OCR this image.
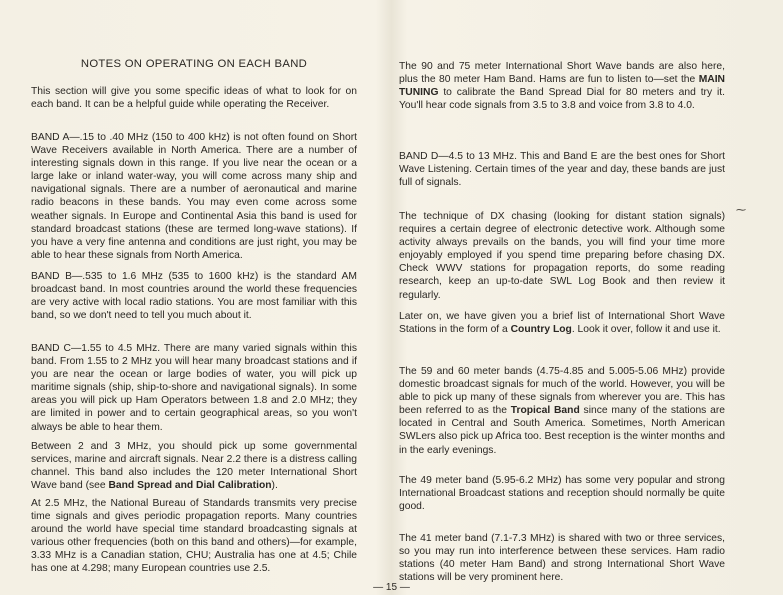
NOTES ON OPERATING ON EACH BAND

This section will give you some specific ideas of what to look for on each band. It can be a helpful guide while operating the Receiver.

BAND A—.15 to .40 MHz (150 to 400 kHz) is not often found on Short Wave Receivers available in North America. There are a number of interesting signals down in this range. If you live near the ocean or a large lake or inland water-way, you will come across many ship and navigational signals. There are a number of aeronautical and marine radio beacons in these bands. You may even come across some weather signals. In Europe and Continental Asia this band is used for standard broadcast stations (these are termed long-wave stations). If you have a very fine antenna and conditions are just right, you may be able to hear these signals from North America.

BAND B—.535 to 1.6 MHz (535 to 1600 kHz) is the standard AM broadcast band. In most countries around the world these frequencies are very active with local radio stations. You are most familiar with this band, so we don't need to tell you much about it.

BAND C—1.55 to 4.5 MHz. There are many varied signals within this band. From 1.55 to 2 MHz you will hear many broadcast stations and if you are near the ocean or large bodies of water, you will pick up maritime signals (ship, ship-to-shore and navigational signals). In some areas you will pick up Ham Operators between 1.8 and 2.0 MHz; they are limited in power and to certain geographical areas, so you won't always be able to hear them.

Between 2 and 3 MHz, you should pick up some governmental services, marine and aircraft signals. Near 2.2 there is a distress calling channel. This band also includes the 120 meter International Short Wave band (see Band Spread and Dial Calibration).

At 2.5 MHz, the National Bureau of Standards transmits very precise time signals and gives periodic propagation reports. Many countries around the world have special time standard broadcasting signals at various other frequencies (both on this band and others)—for example, 3.33 MHz is a Canadian station, CHU; Australia has one at 4.5; Chile has one at 4.298; many European countries use 2.5.

The 90 and 75 meter International Short Wave bands are also here, plus the 80 meter Ham Band. Hams are fun to listen to—set the MAIN TUNING to calibrate the Band Spread Dial for 80 meters and try it. You'll hear code signals from 3.5 to 3.8 and voice from 3.8 to 4.0.

BAND D—4.5 to 13 MHz. This and Band E are the best ones for Short Wave Listening. Certain times of the year and day, these bands are just full of signals.

The technique of DX chasing (looking for distant station signals) requires a certain degree of electronic detective work. Although some activity always prevails on the bands, you will find your time more enjoyably employed if you spend time preparing before chasing DX. Check WWV stations for propagation reports, do some reading research, keep an up-to-date SWL Log Book and then review it regularly.

Later on, we have given you a brief list of International Short Wave Stations in the form of a Country Log. Look it over, follow it and use it.

The 59 and 60 meter bands (4.75-4.85 and 5.005-5.06 MHz) provide domestic broadcast signals for much of the world. However, you will be able to pick up many of these signals from wherever you are. This has been referred to as the Tropical Band since many of the stations are located in Central and South America. Sometimes, North American SWLers also pick up Africa too. Best reception is the winter months and in the early evenings.

The 49 meter band (5.95-6.2 MHz) has some very popular and strong International Broadcast stations and reception should normally be quite good.

The 41 meter band (7.1-7.3 MHz) is shared with two or three services, so you may run into interference between these services. Ham radio stations (40 meter Ham Band) and strong International Short Wave stations will be very prominent here.

⁓
— 15 —
